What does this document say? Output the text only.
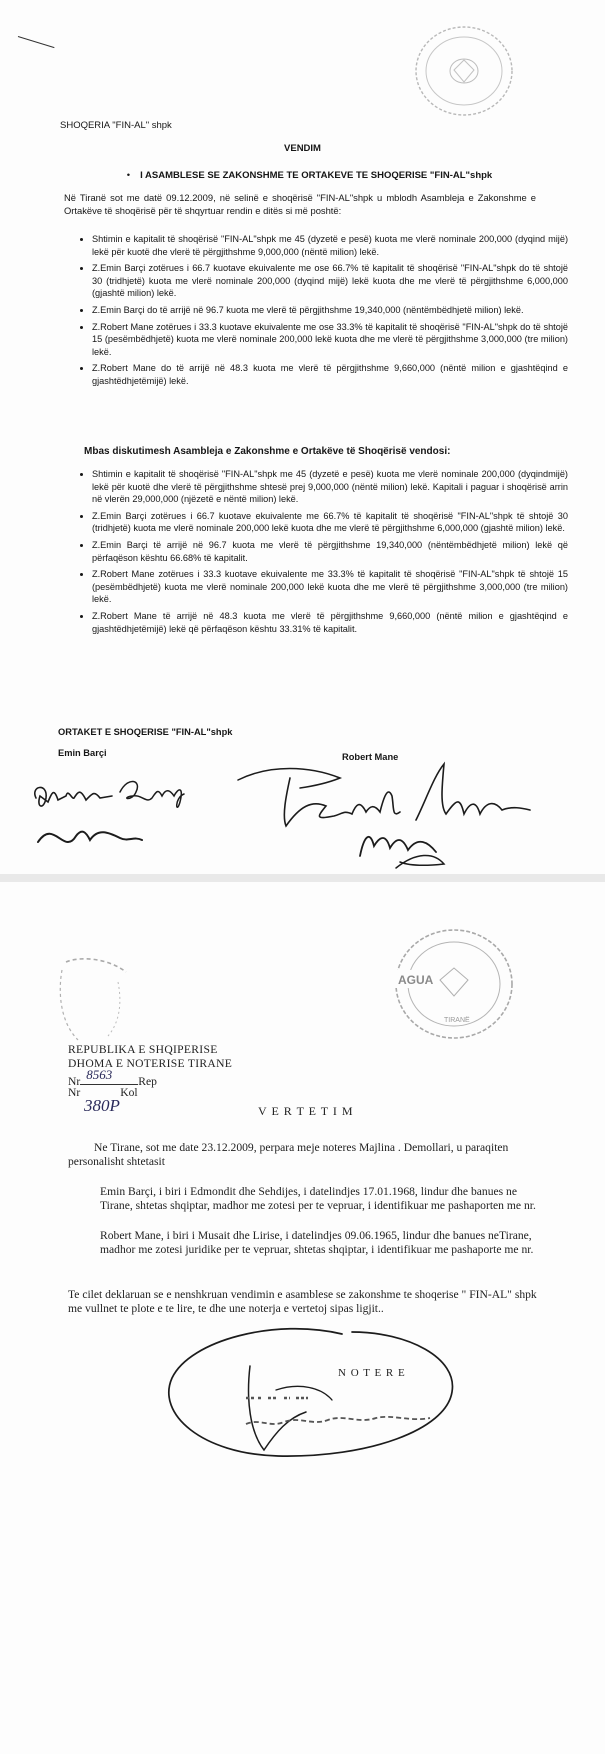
SHOQERIA "FIN-AL" shpk
VENDIM
• I ASAMBLESE SE ZAKONSHME TE ORTAKEVE TE SHOQERISE "FIN-AL"shpk
Në Tiranë sot me datë 09.12.2009, në selinë e shoqërisë "FIN-AL"shpk u mblodh Asambleja e Zakonshme e Ortakëve të shoqërisë për të shqyrtuar rendin e ditës si më poshtë:
• Shtimin e kapitalit të shoqërisë "FIN-AL"shpk me 45 (dyzetë e pesë) kuota me vlerë nominale 200,000 (dyqind mijë) lekë për kuotë dhe vlerë të përgjithshme 9,000,000 (nëntë milion) lekë.
• Z.Emin Barçi zotërues i 66.7 kuotave ekuivalente me ose 66.7% të kapitalit të shoqërisë "FIN-AL"shpk do të shtojë 30 (tridhjetë) kuota me vlerë nominale 200,000 (dyqind mijë) lekë kuota dhe me vlerë të përgjithshme 6,000,000 (gjashtë milion) lekë.
• Z.Emin Barçi do të arrijë në 96.7 kuota me vlerë të përgjithshme 19,340,000 (nëntëmbëdhjetë milion) lekë.
• Z.Robert Mane zotërues i 33.3 kuotave ekuivalente me ose 33.3% të kapitalit të shoqërisë "FIN-AL"shpk do të shtojë 15 (pesëmbëdhjetë) kuota me vlerë nominale 200,000 lekë kuota dhe me vlerë të përgjithshme 3,000,000 (tre milion) lekë.
• Z.Robert Mane do të arrijë në 48.3 kuota me vlerë të përgjithshme 9,660,000 (nëntë milion e gjashtëqind e gjashtëdhjetëmijë) lekë.
Mbas diskutimesh Asambleja e Zakonshme e Ortakëve të Shoqërisë vendosi:
• Shtimin e kapitalit të shoqërisë "FIN-AL"shpk me 45 (dyzetë e pesë) kuota me vlerë nominale 200,000 (dyqindmijë) lekë për kuotë dhe vlerë të përgjithshme shtesë prej 9,000,000 (nëntë milion) lekë. Kapitali i paguar i shoqërisë arrin në vlerën 29,000,000 (njëzetë e nëntë milion) lekë.
• Z.Emin Barçi zotërues i 66.7 kuotave ekuivalente me 66.7% të kapitalit të shoqërisë "FIN-AL"shpk të shtojë 30 (tridhjetë) kuota me vlerë nominale 200,000 lekë kuota dhe me vlerë të përgjithshme 6,000,000 (gjashtë milion) lekë.
• Z.Emin Barçi të arrijë në 96.7 kuota me vlerë të përgjithshme 19,340,000 (nëntëmbëdhjetë milion) lekë që përfaqëson kështu 66.68% të kapitalit.
• Z.Robert Mane zotërues i 33.3 kuotave ekuivalente me 33.3% të kapitalit të shoqërisë "FIN-AL"shpk të shtojë 15 (pesëmbëdhjetë) kuota me vlerë nominale 200,000 lekë kuota dhe me vlerë të përgjithshme 3,000,000 (tre milion) lekë.
• Z.Robert Mane të arrijë në 48.3 kuota me vlerë të përgjithshme 9,660,000 (nëntë milion e gjashtëqind e gjashtëdhjetëmijë) lekë që përfaqëson kështu 33.31% të kapitalit.
ORTAKET E SHOQERISE "FIN-AL"shpk
Emin Barçi	Robert Mane
AGUA
TIRANË
REPUBLIKA E SHQIPERISE
DHOMA E NOTERISE TIRANE
Nr 8563 Rep
Nr	Kol
380P	V E R T E T I M
Ne Tirane, sot me date 23.12.2009, perpara meje noteres Majlina . Demollari, u paraqiten personalisht shtetasit
Emin Barçi, i biri i Edmondit dhe Sehdijes, i datelindjes 17.01.1968, lindur dhe banues ne Tirane, shtetas shqiptar, madhor me zotesi per te vepruar, i identifikuar me pashaporten me nr.
Robert Mane, i biri i Musait dhe Lirise, i datelindjes 09.06.1965, lindur dhe banues neTirane, madhor me zotesi juridike per te vepruar, shtetas shqiptar, i identifikuar me pashaporte me nr.
Te cilet deklaruan se e nenshkruan vendimin e asamblese se zakonshme te shoqerise " FIN-AL" shpk me vullnet te plote e te lire, te dhe une noterja e vertetoj sipas ligjit..
N O T E R E
